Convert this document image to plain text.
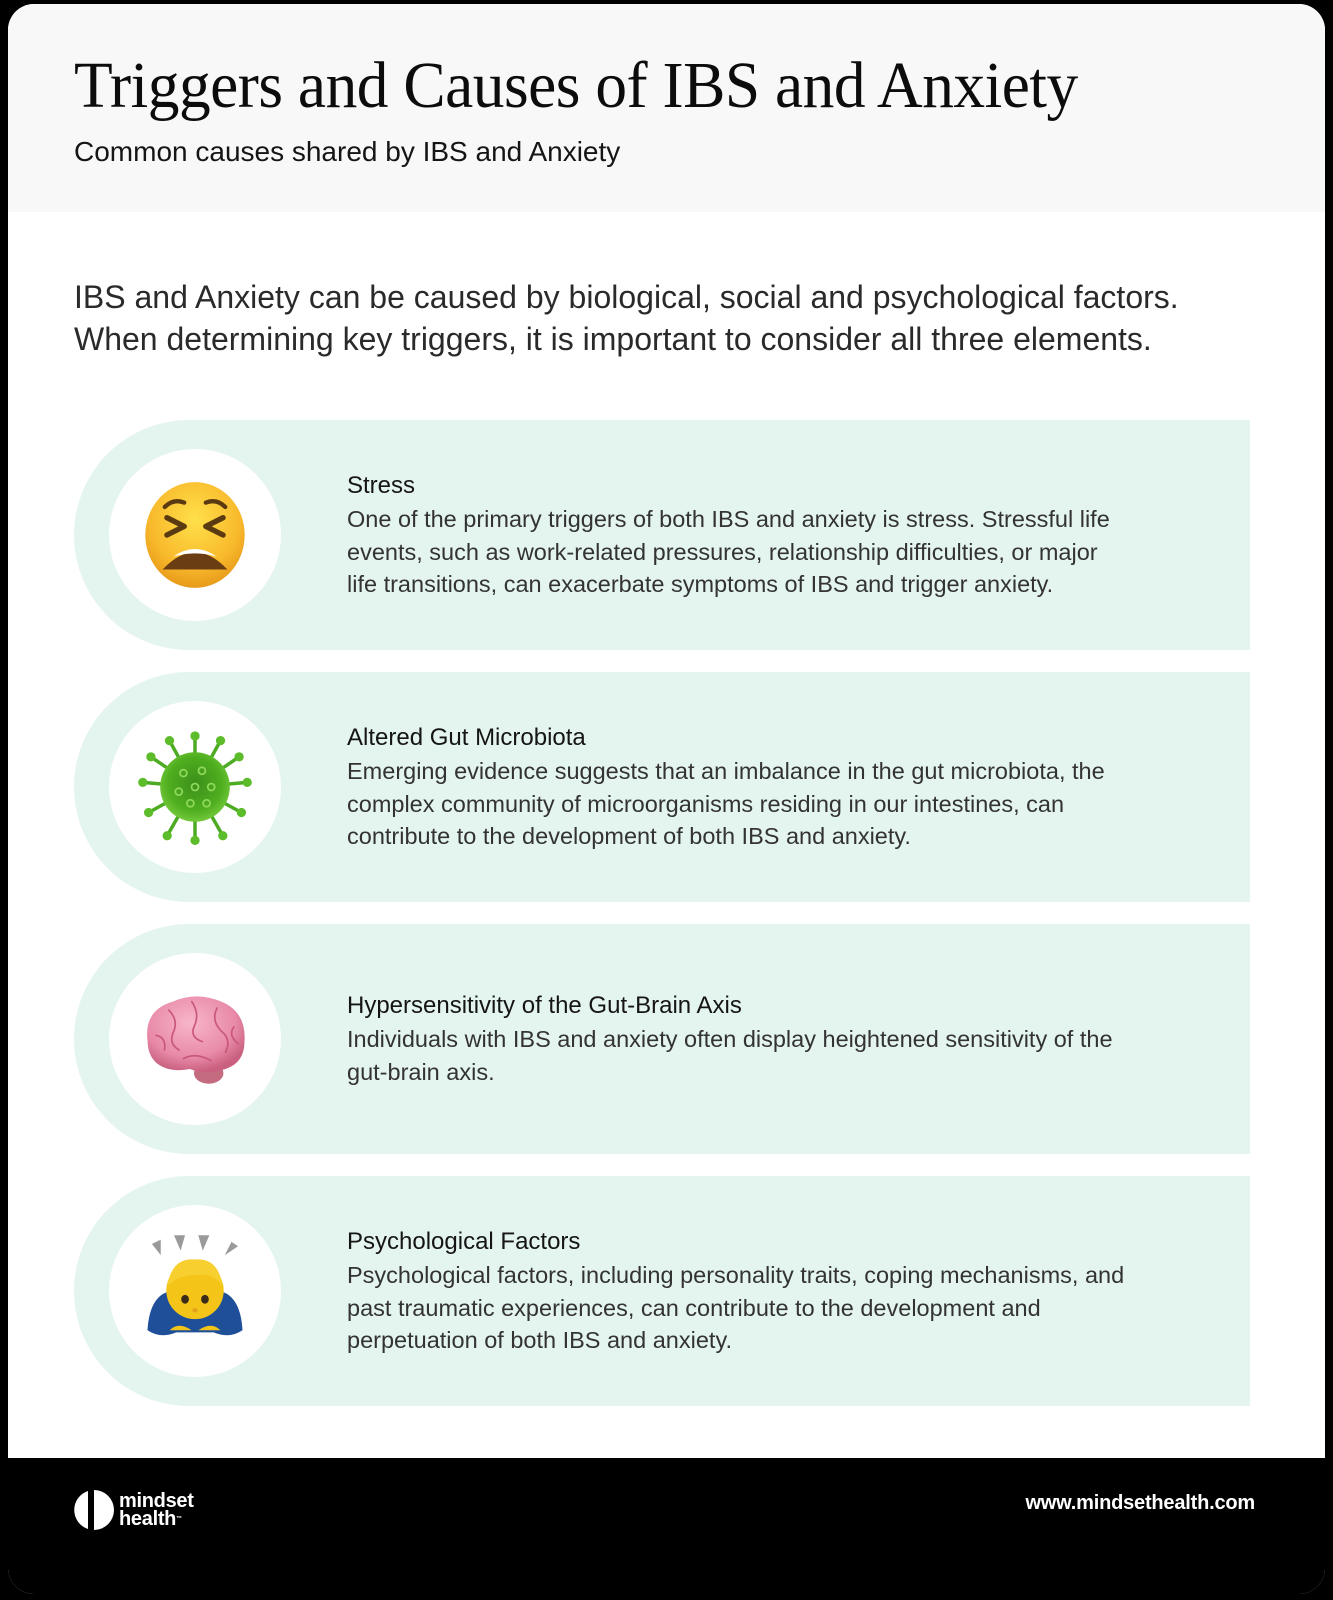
Triggers and Causes of IBS and Anxiety
Common causes shared by IBS and Anxiety
IBS and Anxiety can be caused by biological, social and psychological factors.
When determining key triggers, it is important to consider all three elements.
Stress
One of the primary triggers of both IBS and anxiety is stress. Stressful life
events, such as work-related pressures, relationship difficulties, or major
life transitions, can exacerbate symptoms of IBS and trigger anxiety.
Altered Gut Microbiota
Emerging evidence suggests that an imbalance in the gut microbiota, the
complex community of microorganisms residing in our intestines, can
contribute to the development of both IBS and anxiety.
Hypersensitivity of the Gut-Brain Axis
Individuals with IBS and anxiety often display heightened sensitivity of the
gut-brain axis.
Psychological Factors
Psychological factors, including personality traits, coping mechanisms, and
past traumatic experiences, can contribute to the development and
perpetuation of both IBS and anxiety.
mindset
health™
www.mindsethealth.com
